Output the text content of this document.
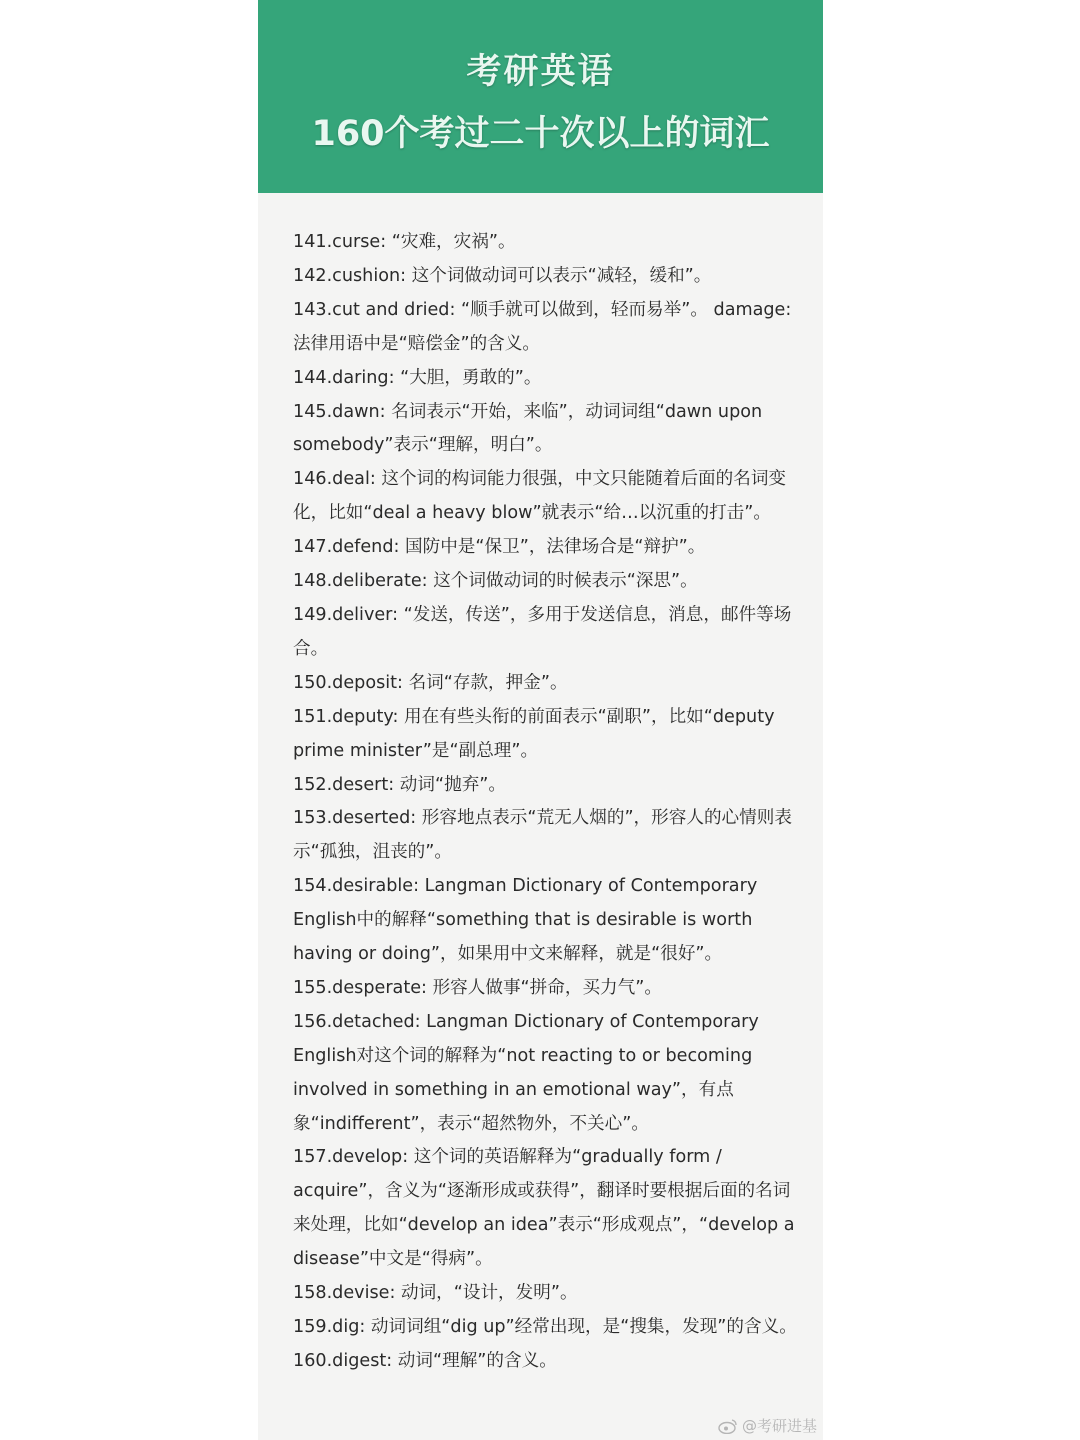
考研英语
160个考过二十次以上的词汇

141.curse: “灾难，灾祸”。

142.cushion: 这个词做动词可以表示“减轻，缓和”。

143.cut and dried: “顺手就可以做到，轻而易举”。 damage: 法律用语中是“赔偿金”的含义。

144.daring: “大胆，勇敢的”。

145.dawn: 名词表示“开始，来临”，动词词组“dawn upon somebody”表示“理解，明白”。

146.deal: 这个词的构词能力很强，中文只能随着后面的名词变化，比如“deal a heavy blow”就表示“给…以沉重的打击”。

147.defend: 国防中是“保卫”，法律场合是“辩护”。

148.deliberate: 这个词做动词的时候表示“深思”。

149.deliver: “发送，传送”，多用于发送信息，消息，邮件等场合。

150.deposit: 名词“存款，押金”。

151.deputy: 用在有些头衔的前面表示“副职”，比如“deputy prime minister”是“副总理”。

152.desert: 动词“抛弃”。

153.deserted: 形容地点表示“荒无人烟的”，形容人的心情则表示“孤独，沮丧的”。

154.desirable: Langman Dictionary of Contemporary English中的解释“something that is desirable is worth having or doing”，如果用中文来解释，就是“很好”。

155.desperate: 形容人做事“拼命，买力气”。

156.detached: Langman Dictionary of Contemporary English对这个词的解释为“not reacting to or becoming involved in something in an emotional way”，有点象“indifferent”，表示“超然物外，不关心”。

157.develop: 这个词的英语解释为“gradually form / acquire”，含义为“逐渐形成或获得”，翻译时要根据后面的名词来处理，比如“develop an idea”表示“形成观点”，“develop a disease”中文是“得病”。

158.devise: 动词，“设计，发明”。

159.dig: 动词词组“dig up”经常出现，是“搜集，发现”的含义。

160.digest: 动词“理解”的含义。

@考研进基
